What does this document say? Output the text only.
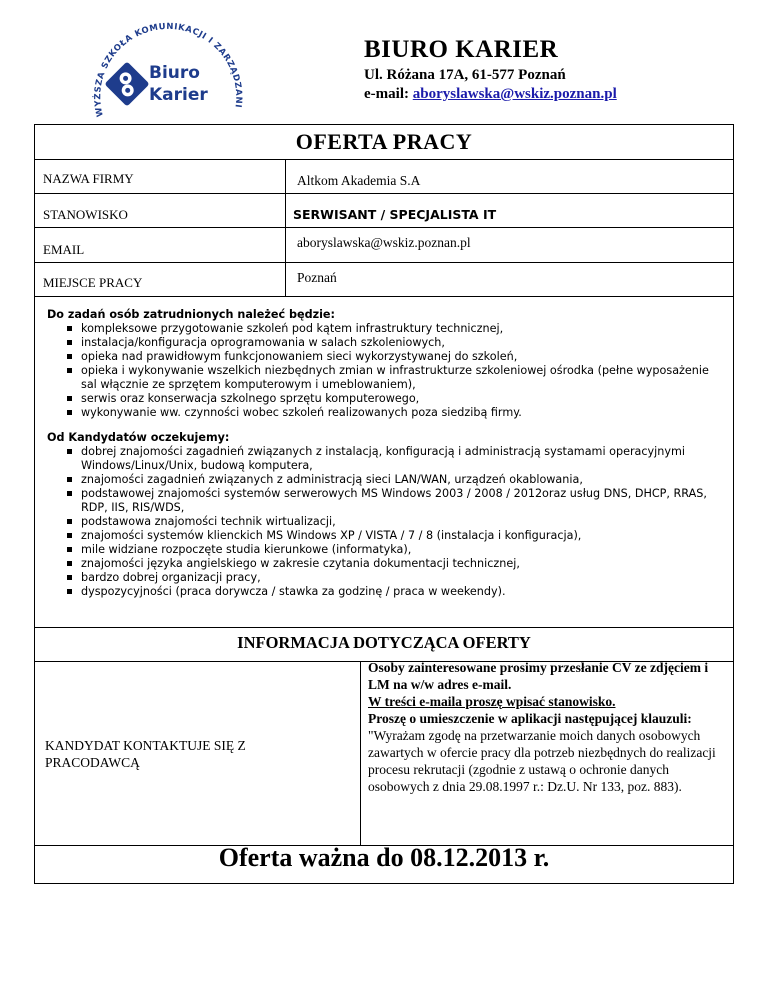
WYŻSZA SZKOŁA KOMUNIKACJI I ZARZĄDZANI
Biuro
Karier
BIURO KARIER
Ul. Różana 17A, 61-577 Poznań
e-mail: aboryslawska@wskiz.poznan.pl
OFERTA PRACY
NAZWA FIRMY	Altkom Akademia S.A
STANOWISKO	SERWISANT / SPECJALISTA IT
EMAIL	aboryslawska@wskiz.poznan.pl
MIEJSCE PRACY	Poznań
Do zadań osób zatrudnionych należeć będzie:
kompleksowe przygotowanie szkoleń pod kątem infrastruktury technicznej,
instalacja/konfiguracja oprogramowania w salach szkoleniowych,
opieka nad prawidłowym funkcjonowaniem sieci wykorzystywanej do szkoleń,
opieka i wykonywanie wszelkich niezbędnych zmian w infrastrukturze szkoleniowej ośrodka (pełne wyposażenie sal włącznie ze sprzętem komputerowym i umeblowaniem),
serwis oraz konserwacja szkolnego sprzętu komputerowego,
wykonywanie ww. czynności wobec szkoleń realizowanych poza siedzibą firmy.
Od Kandydatów oczekujemy:
dobrej znajomości zagadnień związanych z instalacją, konfiguracją i administracją systamami operacyjnymi Windows/Linux/Unix, budową komputera,
znajomości zagadnień związanych z administracją sieci LAN/WAN, urządzeń okablowania,
podstawowej znajomości systemów serwerowych MS Windows 2003 / 2008 / 2012oraz usług DNS, DHCP, RRAS, RDP, IIS, RIS/WDS,
podstawowa znajomości technik wirtualizacji,
znajomości systemów klienckich MS Windows XP / VISTA / 7 / 8 (instalacja i konfiguracja),
mile widziane rozpoczęte studia kierunkowe (informatyka),
znajomości języka angielskiego w zakresie czytania dokumentacji technicznej,
bardzo dobrej organizacji pracy,
dyspozycyjności (praca dorywcza / stawka za godzinę / praca w weekendy).
INFORMACJA DOTYCZĄCA OFERTY
KANDYDAT KONTAKTUJE SIĘ Z PRACODAWCĄ
Osoby zainteresowane prosimy przesłanie CV ze zdjęciem i LM na w/w adres e-mail.
W treści e-maila proszę wpisać stanowisko.
Proszę o umieszczenie w aplikacji następującej klauzuli:
"Wyrażam zgodę na przetwarzanie moich danych osobowych zawartych w ofercie pracy dla potrzeb niezbędnych do realizacji procesu rekrutacji (zgodnie z ustawą o ochronie danych osobowych z dnia 29.08.1997 r.: Dz.U. Nr 133, poz. 883).
Oferta ważna do 08.12.2013 r.
